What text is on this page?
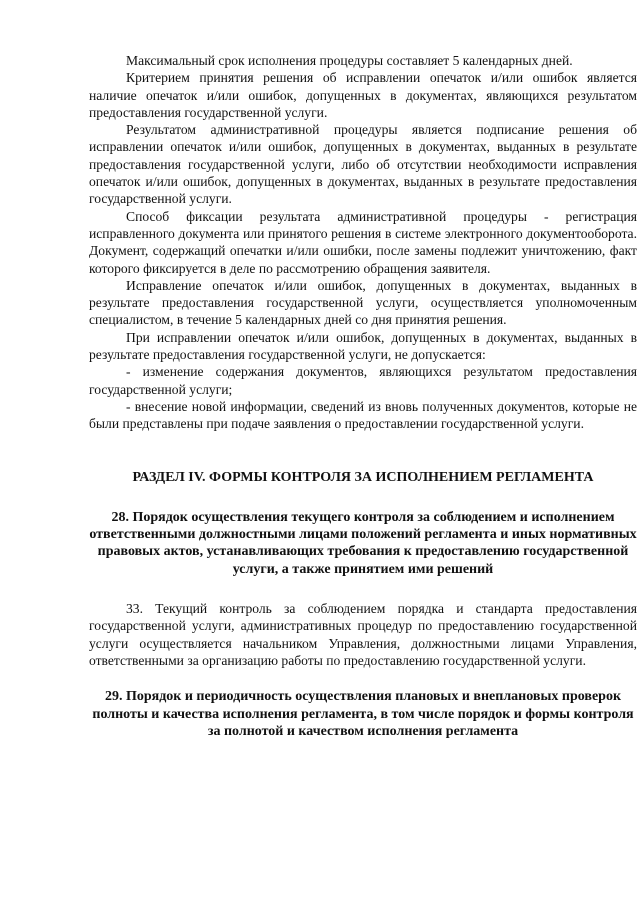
Максимальный срок исполнения процедуры составляет 5 календарных дней.

Критерием принятия решения об исправлении опечаток и/или ошибок является наличие опечаток и/или ошибок, допущенных в документах, являющихся результатом предоставления государственной услуги.

Результатом административной процедуры является подписание решения об исправлении опечаток и/или ошибок, допущенных в документах, выданных в результате предоставления государственной услуги, либо об отсутствии необходимости исправления опечаток и/или ошибок, допущенных в документах, выданных в результате предоставления государственной услуги.

Способ фиксации результата административной процедуры - регистрация исправленного документа или принятого решения в системе электронного документооборота. Документ, содержащий опечатки и/или ошибки, после замены подлежит уничтожению, факт которого фиксируется в деле по рассмотрению обращения заявителя.

Исправление опечаток и/или ошибок, допущенных в документах, выданных в результате предоставления государственной услуги, осуществляется уполномоченным специалистом, в течение 5 календарных дней со дня принятия решения.

При исправлении опечаток и/или ошибок, допущенных в документах, выданных в результате предоставления государственной услуги, не допускается:

- изменение содержания документов, являющихся результатом предоставления государственной услуги;

- внесение новой информации, сведений из вновь полученных документов, которые не были представлены при подаче заявления о предоставлении государственной услуги.

РАЗДЕЛ IV. ФОРМЫ КОНТРОЛЯ ЗА ИСПОЛНЕНИЕМ РЕГЛАМЕНТА
28. Порядок осуществления текущего контроля за соблюдением и исполнением ответственными должностными лицами положений регламента и иных нормативных правовых актов, устанавливающих требования к предоставлению государственной услуги, а также принятием ими решений

33. Текущий контроль за соблюдением порядка и стандарта предоставления государственной услуги, административных процедур по предоставлению государственной услуги осуществляется начальником Управления, должностными лицами Управления, ответственными за организацию работы по предоставлению государственной услуги.

29. Порядок и периодичность осуществления плановых и внеплановых проверок полноты и качества исполнения регламента, в том числе порядок и формы контроля за полнотой и качеством исполнения регламента
